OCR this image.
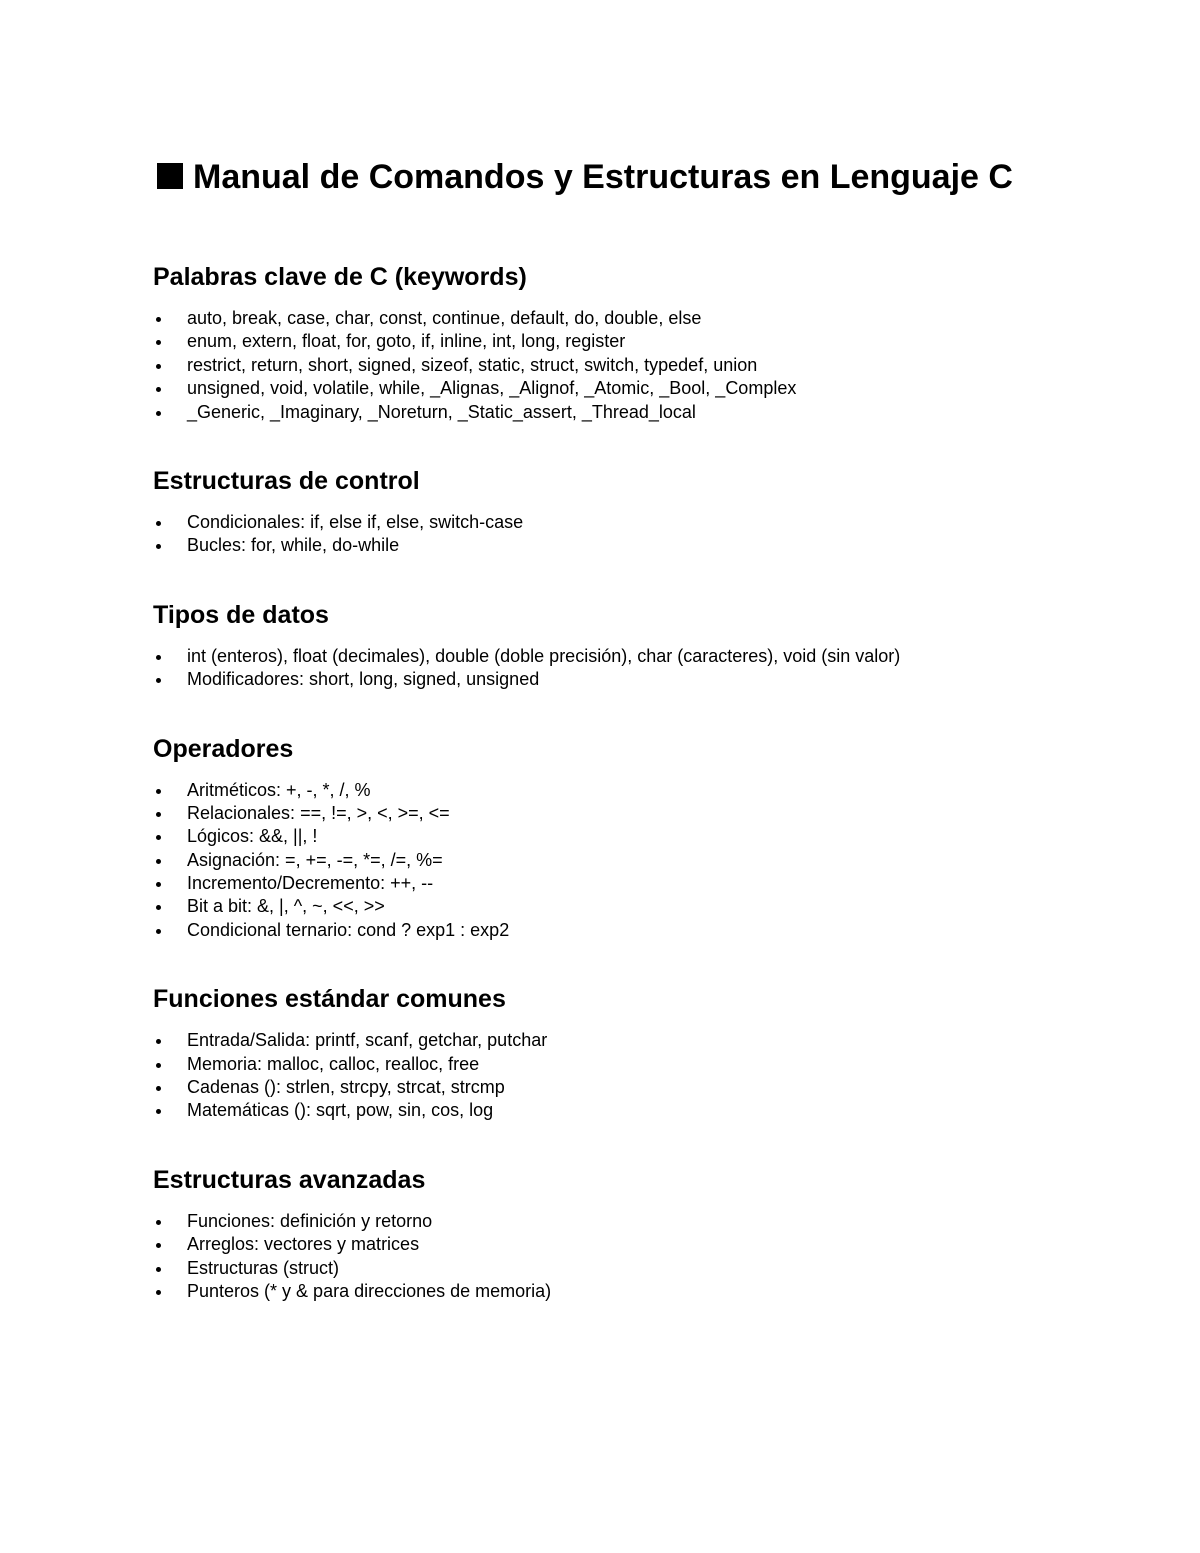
Manual de Comandos y Estructuras en Lenguaje C
Palabras clave de C (keywords)
auto, break, case, char, const, continue, default, do, double, else
enum, extern, float, for, goto, if, inline, int, long, register
restrict, return, short, signed, sizeof, static, struct, switch, typedef, union
unsigned, void, volatile, while, _Alignas, _Alignof, _Atomic, _Bool, _Complex
_Generic, _Imaginary, _Noreturn, _Static_assert, _Thread_local
Estructuras de control
Condicionales: if, else if, else, switch-case
Bucles: for, while, do-while
Tipos de datos
int (enteros), float (decimales), double (doble precisión), char (caracteres), void (sin valor)
Modificadores: short, long, signed, unsigned
Operadores
Aritméticos: +, -, *, /, %
Relacionales: ==, !=, >, <, >=, <=
Lógicos: &&, ||, !
Asignación: =, +=, -=, *=, /=, %=
Incremento/Decremento: ++, --
Bit a bit: &, |, ^, ~, <<, >>
Condicional ternario: cond ? exp1 : exp2
Funciones estándar comunes
Entrada/Salida: printf, scanf, getchar, putchar
Memoria: malloc, calloc, realloc, free
Cadenas (): strlen, strcpy, strcat, strcmp
Matemáticas (): sqrt, pow, sin, cos, log
Estructuras avanzadas
Funciones: definición y retorno
Arreglos: vectores y matrices
Estructuras (struct)
Punteros (* y & para direcciones de memoria)
